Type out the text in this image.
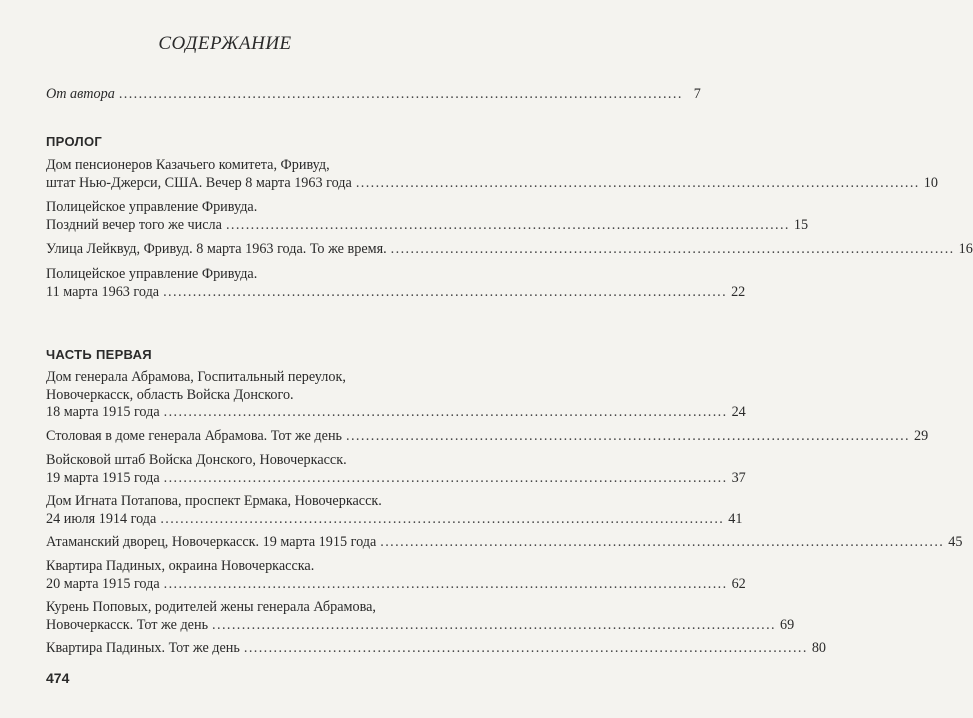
СОДЕРЖАНИЕ
От автора .................................................................................................................. 7
ПРОЛОГ
Дом пенсионеров Казачьего комитета, Фривуд,
штат Нью-Джерси, США. Вечер 8 марта 1963 года .................................................................................................................. 10
Полицейское управление Фривуда.
Поздний вечер того же числа .................................................................................................................. 15
Улица Лейквуд, Фривуд. 8 марта 1963 года. То же время. .................................................................................................................. 16
Полицейское управление Фривуда.
11 марта 1963 года .................................................................................................................. 22
ЧАСТЬ ПЕРВАЯ
Дом генерала Абрамова, Госпитальный переулок,
Новочеркасск, область Войска Донского.
18 марта 1915 года .................................................................................................................. 24
Столовая в доме генерала Абрамова. Тот же день .................................................................................................................. 29
Войсковой штаб Войска Донского, Новочеркасск.
19 марта 1915 года .................................................................................................................. 37
Дом Игната Потапова, проспект Ермака, Новочеркасск.
24 июля 1914 года .................................................................................................................. 41
Атаманский дворец, Новочеркасск. 19 марта 1915 года .................................................................................................................. 45
Квартира Падиных, окраина Новочеркасска.
20 марта 1915 года .................................................................................................................. 62
Курень Поповых, родителей жены генерала Абрамова,
Новочеркасск. Тот же день .................................................................................................................. 69
Квартира Падиных. Тот же день .................................................................................................................. 80
474
